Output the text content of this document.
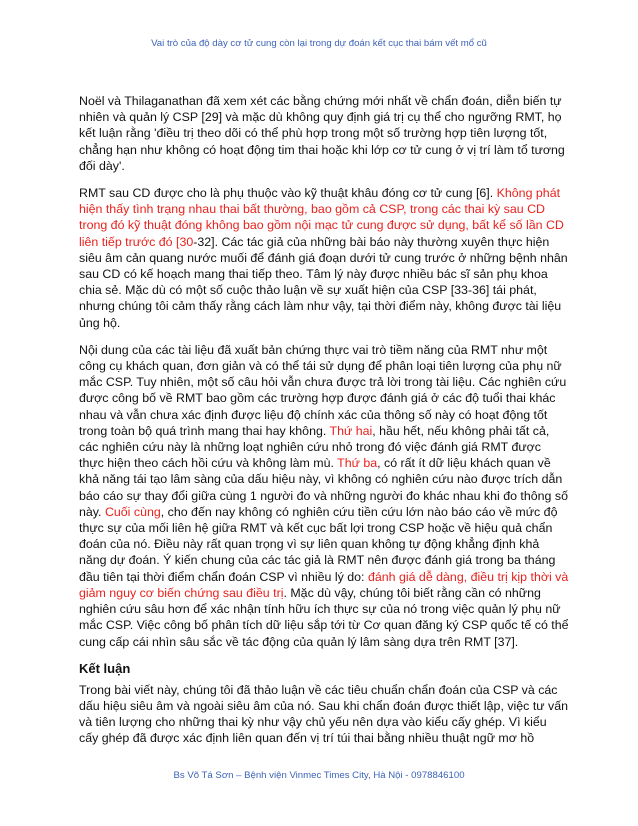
Vai trò của độ dày cơ tử cung còn lại trong dự đoán kết cục thai bám vết mổ cũ

Noël và Thilaganathan đã xem xét các bằng chứng mới nhất về chẩn đoán, diễn biến tự nhiên và quản lý CSP [29] và mặc dù không quy định giá trị cụ thể cho ngưỡng RMT, họ kết luận rằng 'điều trị theo dõi có thể phù hợp trong một số trường hợp tiên lượng tốt, chẳng hạn như không có hoạt động tim thai hoặc khi lớp cơ tử cung ở vị trí làm tổ tương đối dày'.

RMT sau CD được cho là phụ thuộc vào kỹ thuật khâu đóng cơ tử cung [6]. Không phát hiện thấy tình trạng nhau thai bất thường, bao gồm cả CSP, trong các thai kỳ sau CD trong đó kỹ thuật đóng không bao gồm nội mạc tử cung được sử dụng, bất kể số lần CD liên tiếp trước đó [30-32]. Các tác giả của những bài báo này thường xuyên thực hiện siêu âm cản quang nước muối để đánh giá đoạn dưới tử cung trước ở những bệnh nhân sau CD có kế hoạch mang thai tiếp theo. Tâm lý này được nhiều bác sĩ sản phụ khoa chia sẻ. Mặc dù có một số cuộc thảo luận về sự xuất hiện của CSP [33-36] tái phát, nhưng chúng tôi cảm thấy rằng cách làm như vậy, tại thời điểm này, không được tài liệu ủng hộ.

Nội dung của các tài liệu đã xuất bản chứng thực vai trò tiềm năng của RMT như một công cụ khách quan, đơn giản và có thể tái sử dụng để phân loại tiên lượng của phụ nữ mắc CSP. Tuy nhiên, một số câu hỏi vẫn chưa được trả lời trong tài liệu. Các nghiên cứu được công bố về RMT bao gồm các trường hợp được đánh giá ở các độ tuổi thai khác nhau và vẫn chưa xác định được liệu độ chính xác của thông số này có hoạt động tốt trong toàn bộ quá trình mang thai hay không. Thứ hai, hầu hết, nếu không phải tất cả, các nghiên cứu này là những loạt nghiên cứu nhỏ trong đó việc đánh giá RMT được thực hiện theo cách hồi cứu và không làm mù. Thứ ba, có rất ít dữ liệu khách quan về khả năng tái tạo lâm sàng của dấu hiệu này, vì không có nghiên cứu nào được trích dẫn báo cáo sự thay đổi giữa cùng 1 người đo và những người đo khác nhau khi đo thông số này. Cuối cùng, cho đến nay không có nghiên cứu tiền cứu lớn nào báo cáo về mức độ thực sự của mối liên hệ giữa RMT và kết cục bất lợi trong CSP hoặc về hiệu quả chẩn đoán của nó. Điều này rất quan trọng vì sự liên quan không tự động khẳng định khả năng dự đoán. Ý kiến chung của các tác giả là RMT nên được đánh giá trong ba tháng đầu tiên tại thời điểm chẩn đoán CSP vì nhiều lý do: đánh giá dễ dàng, điều trị kịp thời và giảm nguy cơ biến chứng sau điều trị. Mặc dù vậy, chúng tôi biết rằng cần có những nghiên cứu sâu hơn để xác nhận tính hữu ích thực sự của nó trong việc quản lý phụ nữ mắc CSP. Việc công bố phân tích dữ liệu sắp tới từ Cơ quan đăng ký CSP quốc tế có thể cung cấp cái nhìn sâu sắc về tác động của quản lý lâm sàng dựa trên RMT [37].

Kết luận

Trong bài viết này, chúng tôi đã thảo luận về các tiêu chuẩn chẩn đoán của CSP và các dấu hiệu siêu âm và ngoài siêu âm của nó. Sau khi chẩn đoán được thiết lập, việc tư vấn và tiên lượng cho những thai kỳ như vậy chủ yếu nên dựa vào kiểu cấy ghép. Vì kiểu cấy ghép đã được xác định liên quan đến vị trí túi thai bằng nhiều thuật ngữ mơ hồ

Bs Võ Tá Sơn – Bệnh viện Vinmec Times City, Hà Nội - 0978846100
